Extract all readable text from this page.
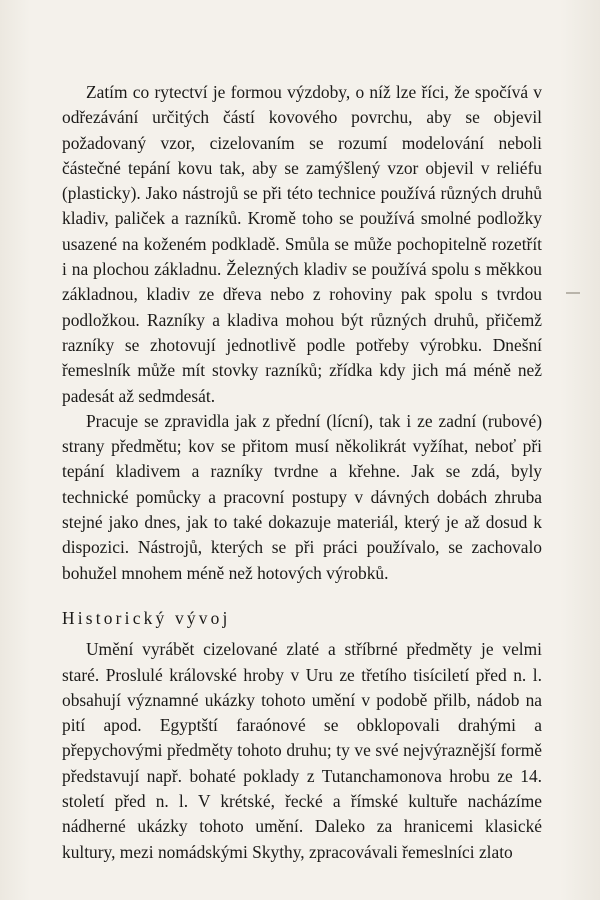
Zatím co rytectví je formou výzdoby, o níž lze říci, že spočívá v odřezávání určitých částí kovového povrchu, aby se objevil požadovaný vzor, cizelovaním se rozumí modelování neboli částečné tepání kovu tak, aby se zamýšlený vzor objevil v reliéfu (plasticky). Jako nástrojů se při této technice používá různých druhů kladiv, paliček a razníků. Kromě toho se používá smolné podložky usazené na koženém podkladě. Smůla se může pochopitelně rozetřít i na plochou základnu. Železných kladiv se používá spolu s měkkou základnou, kladiv ze dřeva nebo z rohoviny pak spolu s tvrdou podložkou. Razníky a kladiva mohou být různých druhů, přičemž razníky se zhotovují jednotlivě podle potřeby výrobku. Dnešní řemeslník může mít stovky razníků; zřídka kdy jich má méně než padesát až sedmdesát.

Pracuje se zpravidla jak z přední (lícní), tak i ze zadní (rubové) strany předmětu; kov se přitom musí několikrát vyžíhat, neboť při tepání kladivem a razníky tvrdne a křehne. Jak se zdá, byly technické pomůcky a pracovní postupy v dávných dobách zhruba stejné jako dnes, jak to také dokazuje materiál, který je až dosud k dispozici. Nástrojů, kterých se při práci používalo, se zachovalo bohužel mnohem méně než hotových výrobků.

Historický vývoj

Umění vyrábět cizelované zlaté a stříbrné předměty je velmi staré. Proslulé královské hroby v Uru ze třetího tisíciletí před n. l. obsahují významné ukázky tohoto umění v podobě přilb, nádob na pití apod. Egyptští faraónové se obklopovali drahými a přepychovými předměty tohoto druhu; ty ve své nejvýraznější formě představují např. bohaté poklady z Tutanchamonova hrobu ze 14. století před n. l. V krétské, řecké a římské kultuře nacházíme nádherné ukázky tohoto umění. Daleko za hranicemi klasické kultury, mezi nomádskými Skythy, zpracovávali řemeslníci zlato
